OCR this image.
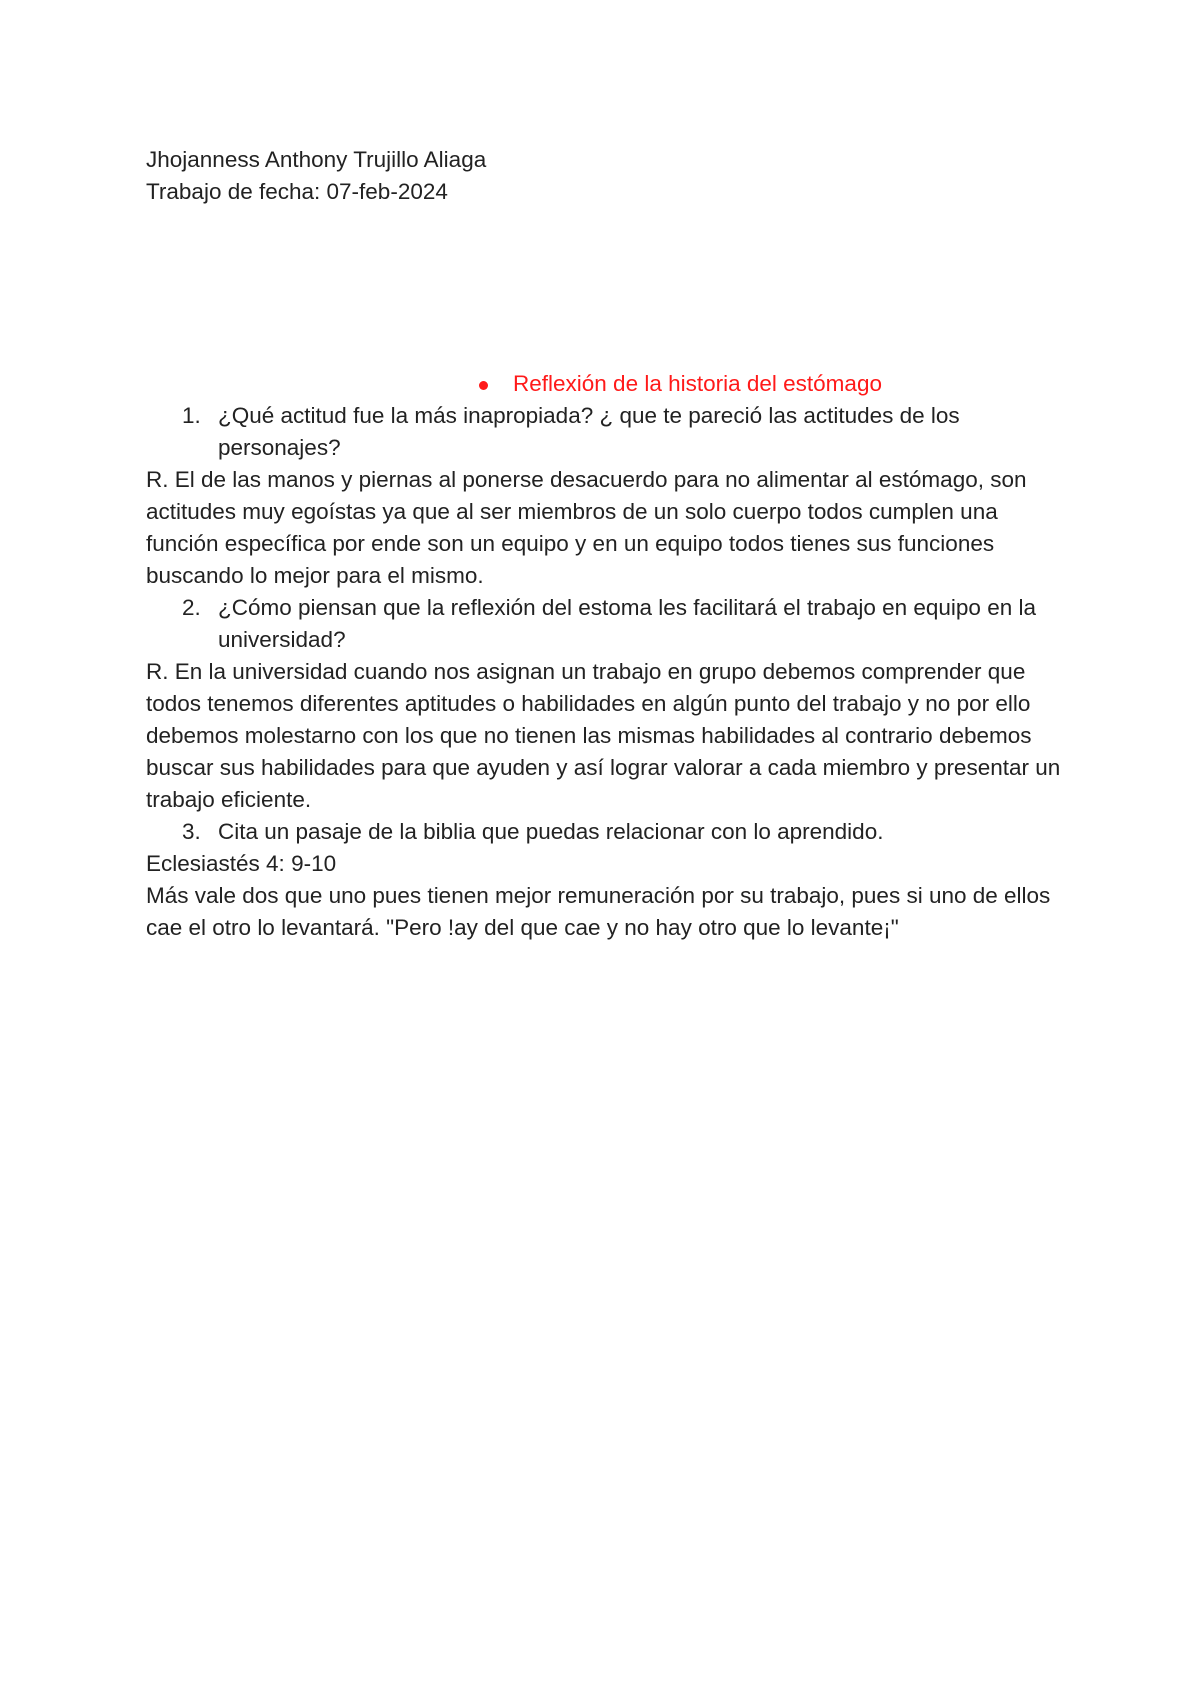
Jhojanness Anthony Trujillo Aliaga

Trabajo de fecha: 07-feb-2024

Reflexión de la historia del estómago

1. ¿Qué actitud fue la más inapropiada? ¿ que te pareció las actitudes de los personajes?

R. El de las manos y piernas al ponerse desacuerdo para no alimentar al estómago, son actitudes muy egoístas ya que al ser miembros de un solo cuerpo todos cumplen una función específica por ende son un equipo y en un equipo todos tienes sus funciones buscando lo mejor para el mismo.

2. ¿Cómo piensan que la reflexión del estoma les facilitará el trabajo en equipo en la universidad?

R. En la universidad cuando nos asignan un trabajo en grupo debemos comprender que todos tenemos diferentes aptitudes o habilidades en algún punto del trabajo y no por ello debemos molestarno con los que no tienen las mismas habilidades al contrario debemos buscar sus habilidades para que ayuden y así lograr valorar a cada miembro y presentar un trabajo eficiente.

3. Cita un pasaje de la biblia que puedas relacionar con lo aprendido.

Eclesiastés 4: 9-10

Más vale dos que uno pues tienen mejor remuneración por su trabajo, pues si uno de ellos cae el otro lo levantará. "Pero !ay del que cae y no hay otro que lo levante¡"
